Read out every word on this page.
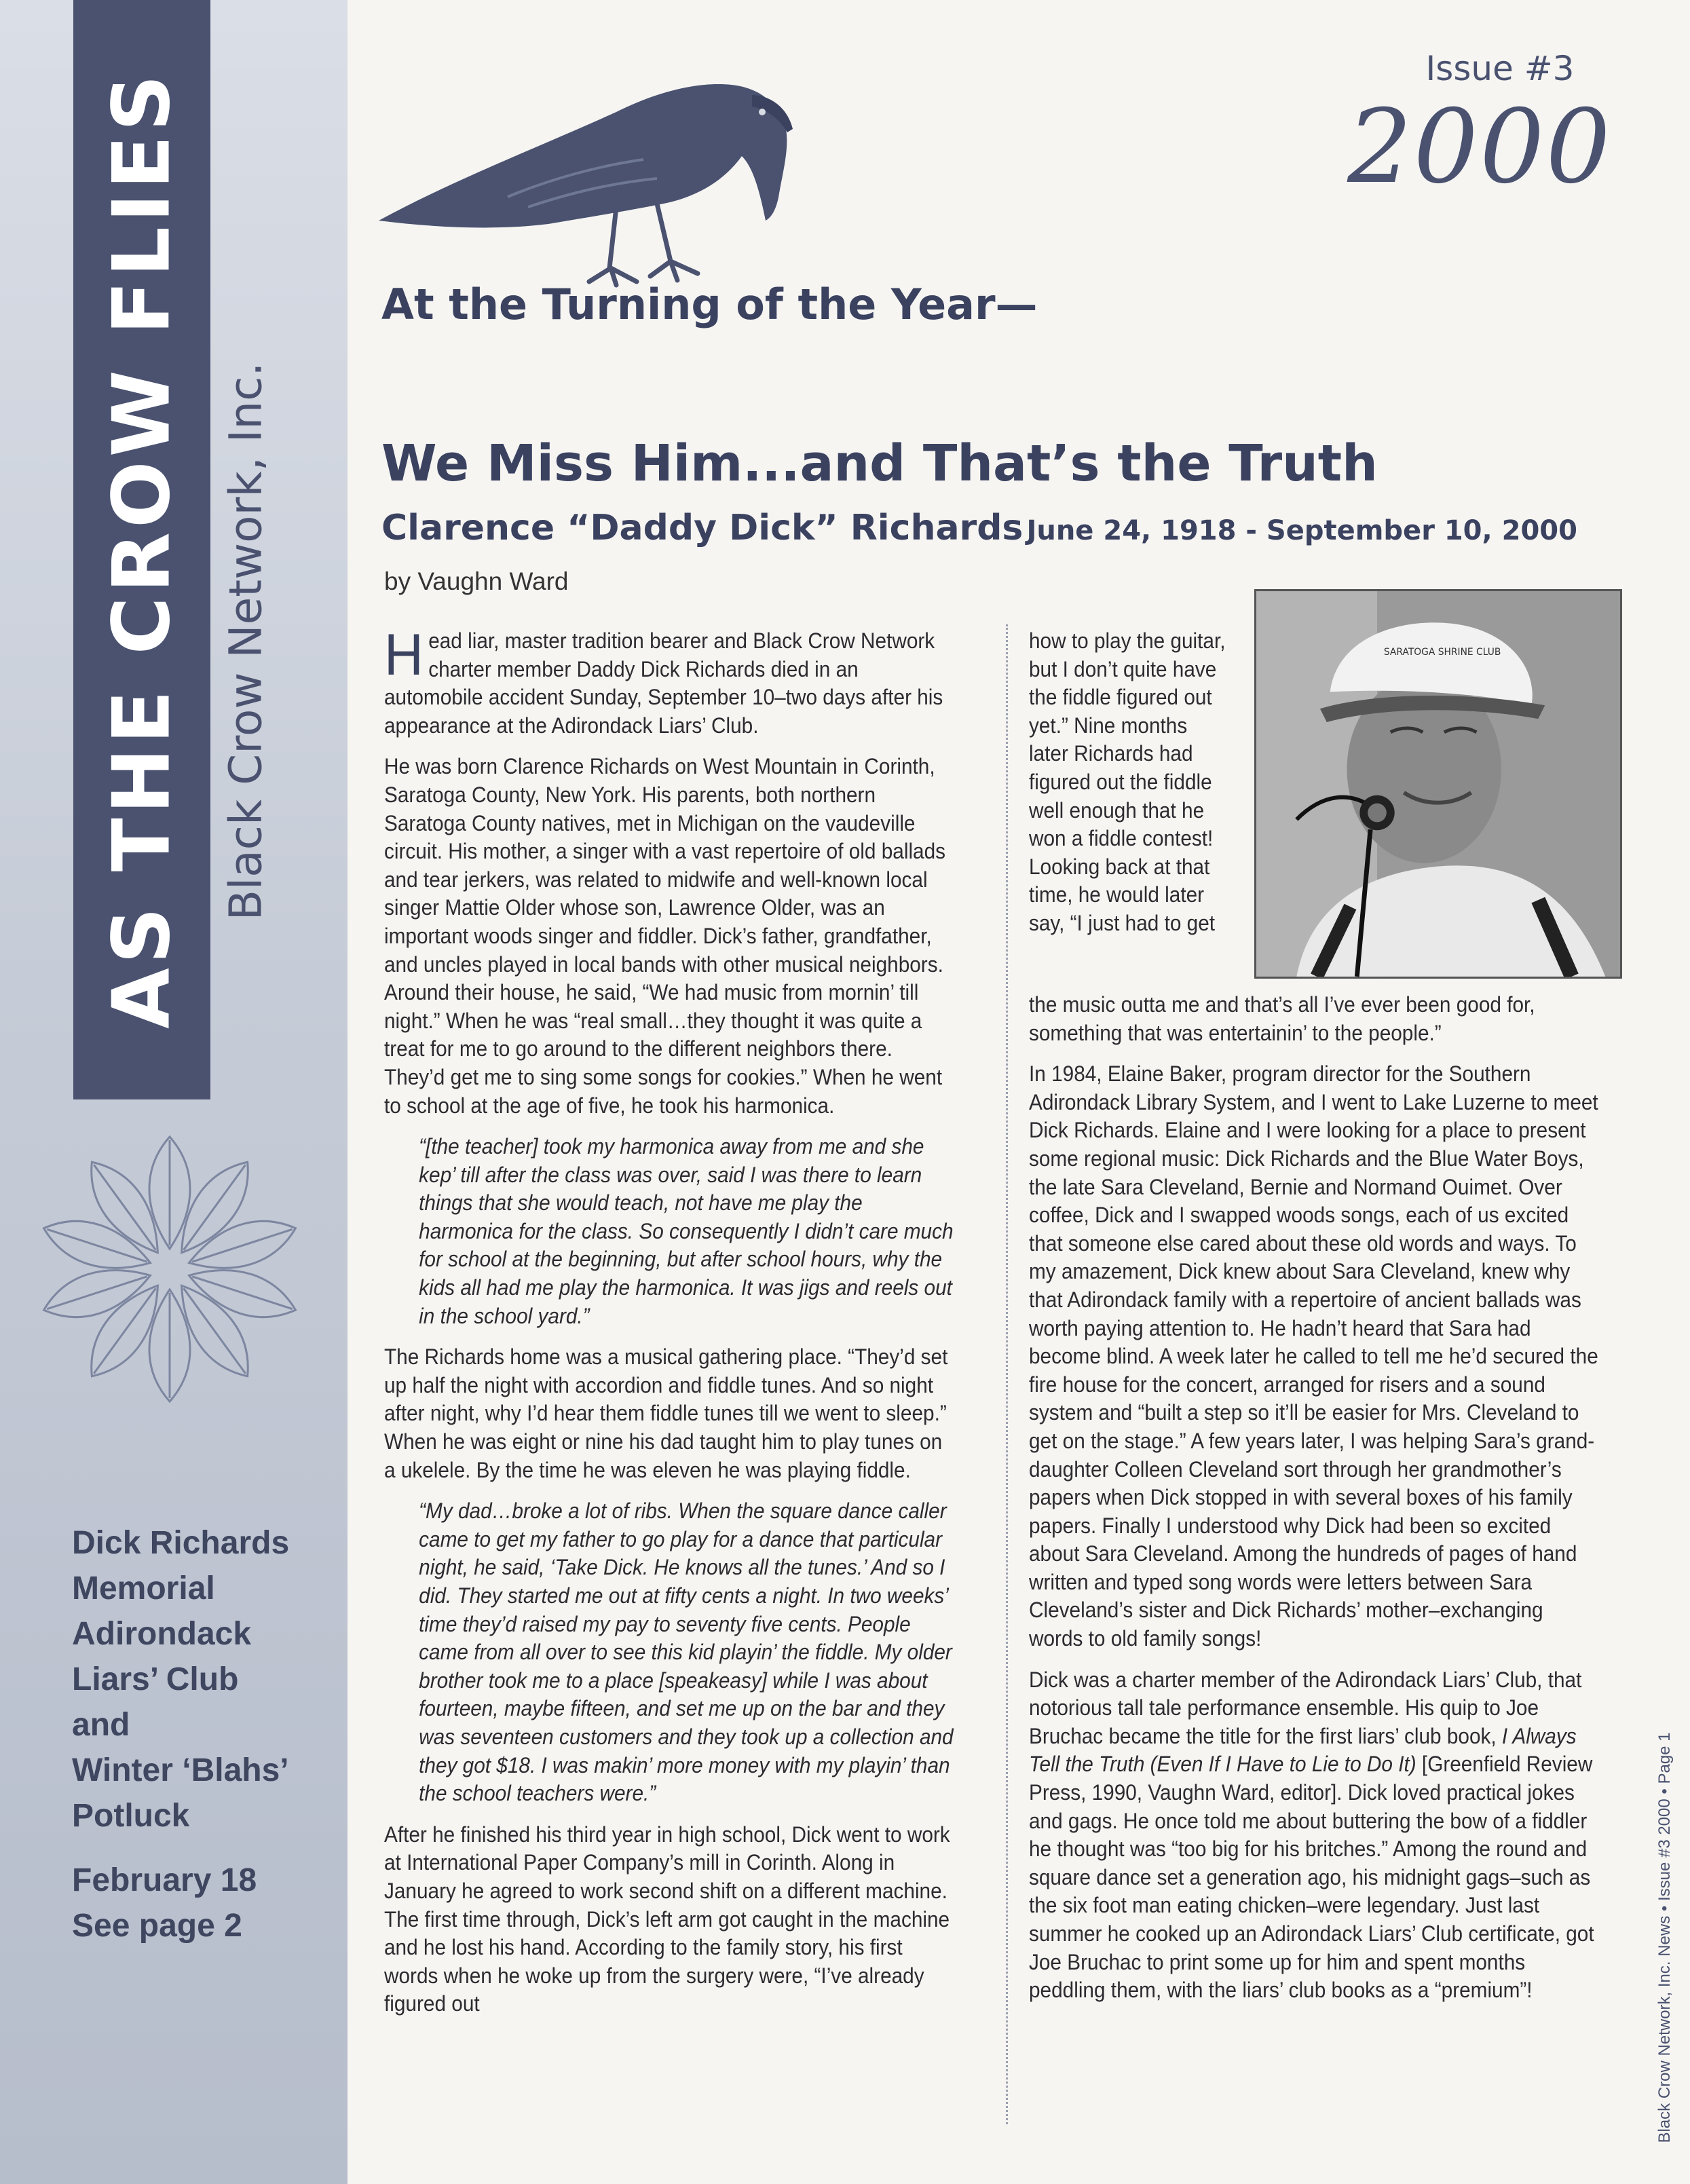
AS THE CROW FLIES Black Crow Network, Inc.
Dick Richards
Memorial
Adirondack
Liars’ Club
and
Winter ‘Blahs’
Potluck
February 18
See page 2
Issue #3
2000
At the Turning of the Year—
We Miss Him...and That’s the Truth
Clarence “Daddy Dick” Richards June 24, 1918 - September 10, 2000
by Vaughn Ward

Head liar, master tradition bearer and Black Crow Network charter member Daddy Dick Richards died in an automobile accident Sunday, September 10–two days after his appearance at the Adirondack Liars’ Club.

He was born Clarence Richards on West Mountain in Corinth, Saratoga County, New York. His parents, both northern Saratoga County natives, met in Michigan on the vaudeville circuit. His mother, a singer with a vast repertoire of old ballads and tear jerkers, was related to midwife and well-known local singer Mattie Older whose son, Lawrence Older, was an important woods singer and fiddler. Dick’s father, grandfather, and uncles played in local bands with other musical neighbors. Around their house, he said, “We had music from mornin’ till night.” When he was “real small…they thought it was quite a treat for me to go around to the different neighbors there. They’d get me to sing some songs for cookies.” When he went to school at the age of five, he took his harmonica.

“[the teacher] took my harmonica away from me and she kep’ till after the class was over, said I was there to learn things that she would teach, not have me play the harmonica for the class. So consequently I didn’t care much for school at the beginning, but after school hours, why the kids all had me play the harmonica. It was jigs and reels out in the school yard.”

The Richards home was a musical gathering place. “They’d set up half the night with accordion and fiddle tunes. And so night after night, why I’d hear them fiddle tunes till we went to sleep.” When he was eight or nine his dad taught him to play tunes on a ukelele. By the time he was eleven he was playing fiddle.

“My dad…broke a lot of ribs. When the square dance caller came to get my father to go play for a dance that particular night, he said, ‘Take Dick. He knows all the tunes.’ And so I did. They started me out at fifty cents a night. In two weeks’ time they’d raised my pay to seventy five cents. People came from all over to see this kid playin’ the fiddle. My older brother took me to a place [speakeasy] while I was about fourteen, maybe fifteen, and set me up on the bar and they was seventeen customers and they took up a collection and they got $18. I was makin’ more money with my playin’ than the school teachers were.”

After he finished his third year in high school, Dick went to work at International Paper Company’s mill in Corinth. Along in January he agreed to work second shift on a different machine. The first time through, Dick’s left arm got caught in the machine and he lost his hand. According to the family story, his first words when he woke up from the surgery were, “I’ve already figured out

how to play the guitar, but I don’t quite have the fiddle figured out yet.” Nine months later Richards had figured out the fiddle well enough that he won a fiddle contest! Looking back at that time, he would later say, “I just had to get
SARATOGA SHRINE CLUB

the music outta me and that’s all I’ve ever been good for, something that was entertainin’ to the people.”

In 1984, Elaine Baker, program director for the Southern Adirondack Library System, and I went to Lake Luzerne to meet Dick Richards. Elaine and I were looking for a place to present some regional music: Dick Richards and the Blue Water Boys, the late Sara Cleveland, Bernie and Normand Ouimet. Over coffee, Dick and I swapped woods songs, each of us excited that someone else cared about these old words and ways. To my amazement, Dick knew about Sara Cleveland, knew why that Adirondack family with a repertoire of ancient ballads was worth paying attention to. He hadn’t heard that Sara had become blind. A week later he called to tell me he’d secured the fire house for the concert, arranged for risers and a sound system and “built a step so it’ll be easier for Mrs. Cleveland to get on the stage.” A few years later, I was helping Sara’s grand-daughter Colleen Cleveland sort through her grandmother’s papers when Dick stopped in with several boxes of his family papers. Finally I understood why Dick had been so excited about Sara Cleveland. Among the hundreds of pages of hand written and typed song words were letters between Sara Cleveland’s sister and Dick Richards’ mother–exchanging words to old family songs!

Dick was a charter member of the Adirondack Liars’ Club, that notorious tall tale performance ensemble. His quip to Joe Bruchac became the title for the first liars’ club book, I Always Tell the Truth (Even If I Have to Lie to Do It) [Greenfield Review Press, 1990, Vaughn Ward, editor]. Dick loved practical jokes and gags. He once told me about buttering the bow of a fiddler he thought was “too big for his britches.” Among the round and square dance set a generation ago, his midnight gags–such as the six foot man eating chicken–were legendary. Just last summer he cooked up an Adirondack Liars’ Club certificate, got Joe Bruchac to print some up for him and spent months peddling them, with the liars’ club books as a “premium”!	Black Crow Network, Inc. News • Issue #3 2000 • Page 1
